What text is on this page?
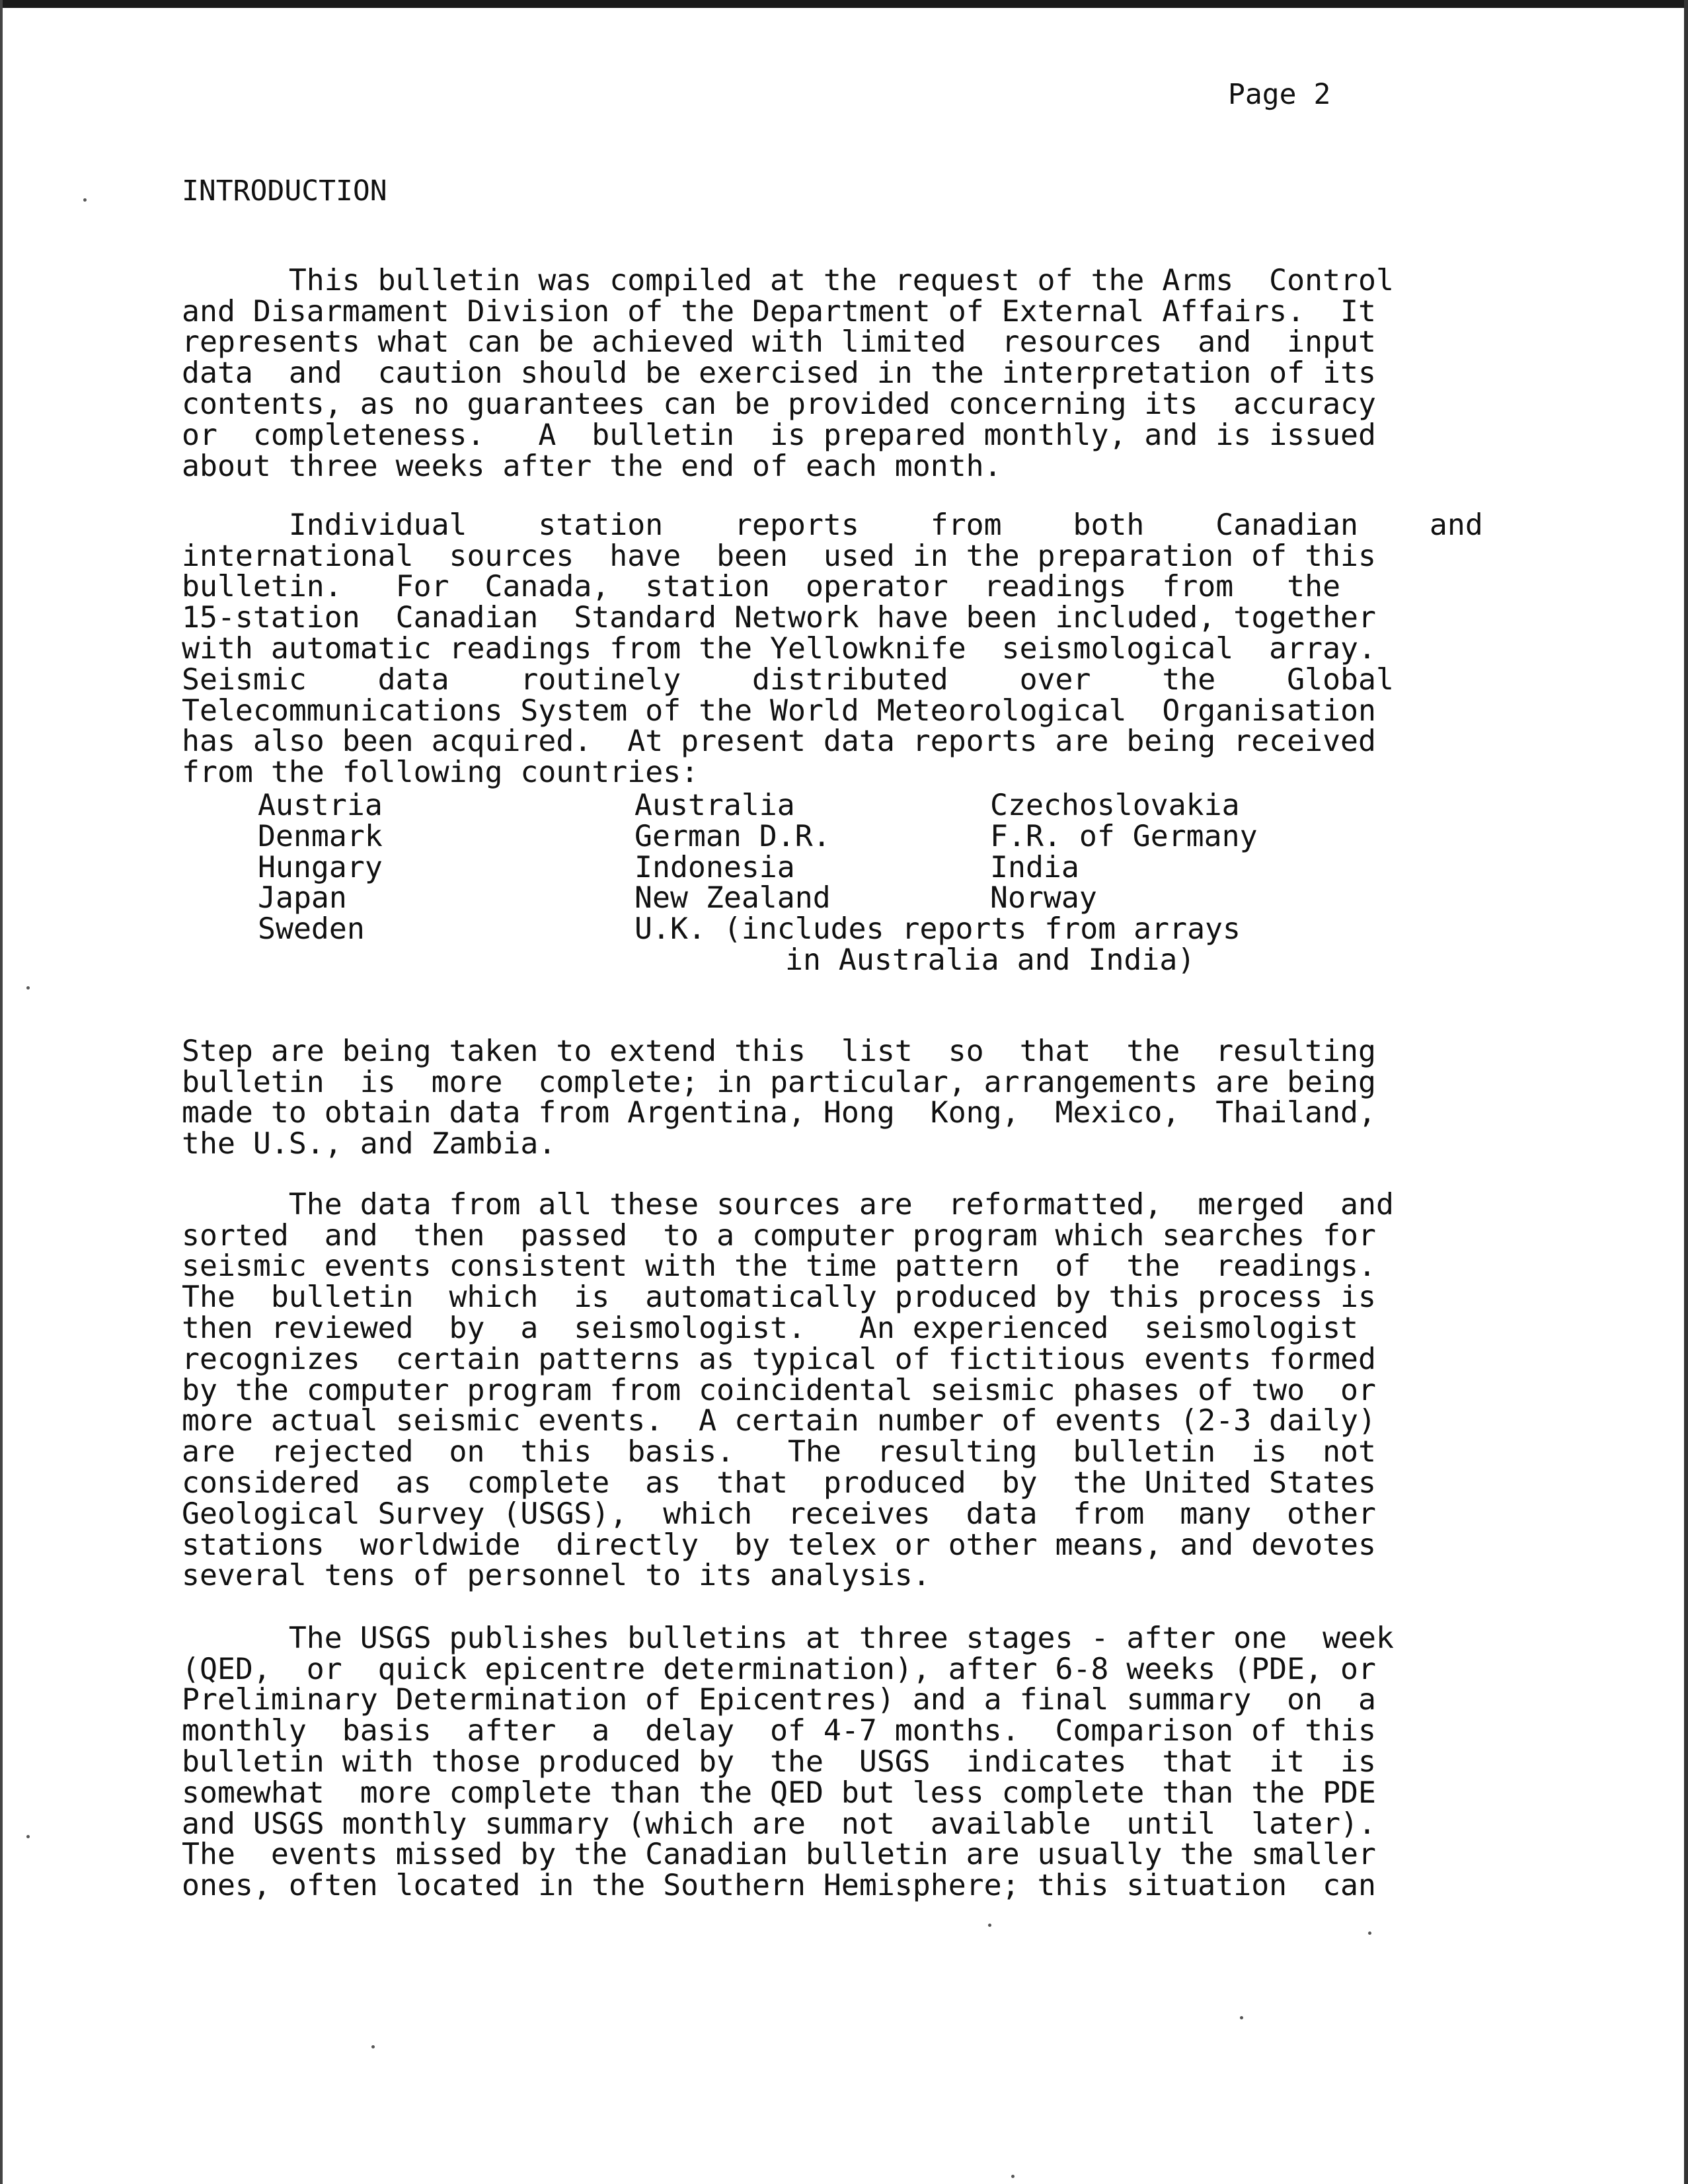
Page 2
INTRODUCTION

This bulletin was compiled at the request of the Arms  Control
and Disarmament Division of the Department of External Affairs.  It
represents what can be achieved with limited  resources  and  input
data  and  caution should be exercised in the interpretation of its
contents, as no guarantees can be provided concerning its  accuracy
or  completeness.   A  bulletin  is prepared monthly, and is issued
about three weeks after the end of each month.

Individual    station    reports    from    both    Canadian    and
international  sources  have  been  used in the preparation of this
bulletin.   For  Canada,  station  operator  readings  from   the
15-station  Canadian  Standard Network have been included, together
with automatic readings from the Yellowknife  seismological  array.
Seismic    data    routinely    distributed    over    the    Global
Telecommunications System of the World Meteorological  Organisation
has also been acquired.  At present data reports are being received
from the following countries:

Austria	Australia	Czechoslovakia
Denmark	German D.R.	F.R. of Germany
Hungary	Indonesia	India
Japan	New Zealand	Norway
Sweden	U.K. (includes reports from arrays
in Australia and India)

Step are being taken to extend this  list  so  that  the  resulting
bulletin  is  more  complete; in particular, arrangements are being
made to obtain data from Argentina, Hong  Kong,  Mexico,  Thailand,
the U.S., and Zambia.

The data from all these sources are  reformatted,  merged  and
sorted  and  then  passed  to a computer program which searches for
seismic events consistent with the time pattern  of  the  readings.
The  bulletin  which  is  automatically produced by this process is
then reviewed  by  a  seismologist.   An experienced  seismologist
recognizes  certain patterns as typical of fictitious events formed
by the computer program from coincidental seismic phases of two  or
more actual seismic events.  A certain number of events (2-3 daily)
are  rejected  on  this  basis.   The  resulting  bulletin  is  not
considered  as  complete  as  that  produced  by  the United States
Geological Survey (USGS),  which  receives  data  from  many  other
stations  worldwide  directly  by telex or other means, and devotes
several tens of personnel to its analysis.

The USGS publishes bulletins at three stages - after one  week
(QED,  or  quick epicentre determination), after 6-8 weeks (PDE, or
Preliminary Determination of Epicentres) and a final summary  on  a
monthly  basis  after  a  delay  of 4-7 months.  Comparison of this
bulletin with those produced by  the  USGS  indicates  that  it  is
somewhat  more complete than the QED but less complete than the PDE
and USGS monthly summary (which are  not  available  until  later).
The  events missed by the Canadian bulletin are usually the smaller
ones, often located in the Southern Hemisphere; this situation  can
